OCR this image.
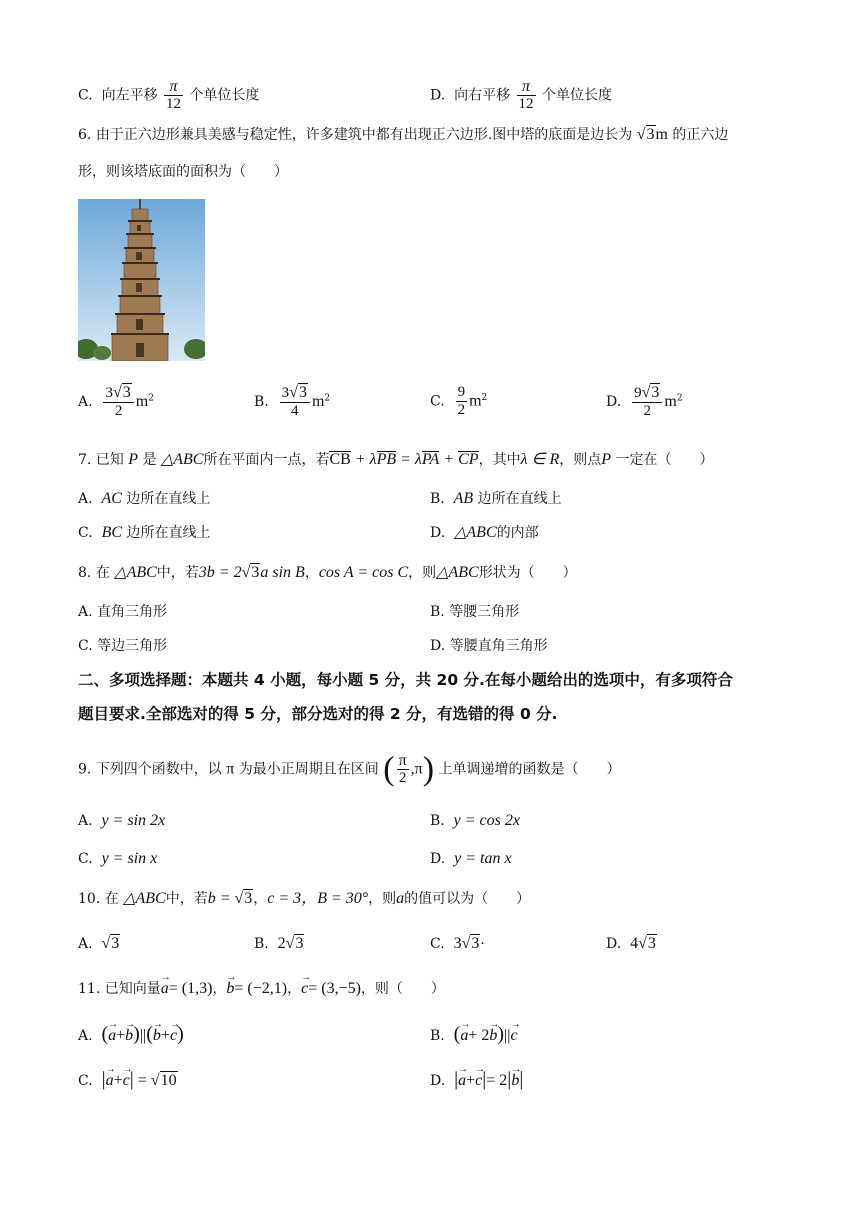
C. 向左平移 $\frac{\pi}{12}$ 个单位长度	D. 向右平移 $\frac{\pi}{12}$ 个单位长度
6. 由于正六边形兼具美感与稳定性，许多建筑中都有出现正六边形.图中塔的底面是边长为 √3m 的正六边
形，则该塔底面的面积为（　　）
A. $\frac{3√3}{2} m^2$	B. $\frac{3√3}{4} m^2$	C. $\frac{9}{2} m^2$	D. $\frac{9√3}{2} m^2$
7. 已知 P 是 △ABC所在平面内一点，若CB + λPB = λPA + CP，其中λ ∈ R，则点P 一定在（　　）
A. AC 边所在直线上	B. AB 边所在直线上
C. BC 边所在直线上	D. △ABC的内部
8. 在 △ABC中，若3b = 2√3a sin B，cos A = cos C，则△ABC形状为（　　）
A. 直角三角形	B. 等腰三角形
C. 等边三角形	D. 等腰直角三角形
二、多项选择题：本题共 4 小题，每小题 5 分，共 20 分.在每小题给出的选项中，有多项符合
题目要求.全部选对的得 5 分，部分选对的得 2 分，有选错的得 0 分.
9. 下列四个函数中，以 π 为最小正周期且在区间 ( $\frac{\pi}{2} ,\pi$) 上单调递增的函数是（　　）
A. y = sin 2x	B. y = cos 2x
C. y = sin x	D. y = tan x
10. 在 △ABC中，若b = √3，c = 3，B = 30°，则a的值可以为（　　）
A. √3	B. 2√3	C. 3√3·	D. 4√3
11. 已知向量→ a= (1,3)，→ b= (−2,1)，→ c= (3,−5)，则（　　）
A. (→ a+→ b)||(→ b+→ c)	B. (→ a+ 2→ b)||→ c
C. |→ a+→ c| = √10	D. |→ a+→ c|= 2|→ b|
